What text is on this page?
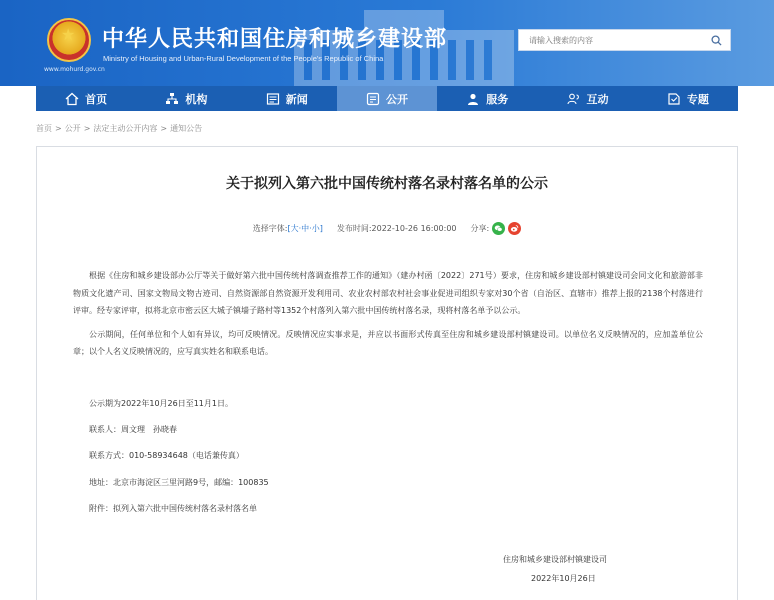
★
www.mohurd.gov.cn
中华人民共和国住房和城乡建设部
Ministry of Housing and Urban-Rural Development of the People's Republic of China
请输入搜索的内容
首页	机构	新闻	公开	服务	互动	专题
首页 > 公开 > 法定主动公开内容 > 通知公告
关于拟列入第六批中国传统村落名录村落名单的公示
选择字体: [大·中·小] 发布时间: 2022-10-26 16:00:00 分享:

根据《住房和城乡建设部办公厅等关于做好第六批中国传统村落调查推荐工作的通知》（建办村函〔2022〕271号）要求，住房和城乡建设部村镇建设司会同文化和旅游部非物质文化遗产司、国家文物局文物古迹司、自然资源部自然资源开发利用司、农业农村部农村社会事业促进司组织专家对30个省（自治区、直辖市）推荐上报的2138个村落进行评审。经专家评审，拟将北京市密云区大城子镇墙子路村等1352个村落列入第六批中国传统村落名录，现将村落名单予以公示。

公示期间，任何单位和个人如有异议，均可反映情况。反映情况应实事求是，并应以书面形式传真至住房和城乡建设部村镇建设司。以单位名义反映情况的，应加盖单位公章；以个人名义反映情况的，应写真实姓名和联系电话。

公示期为2022年10月26日至11月1日。
联系人：周文理　孙晓春
联系方式：010-58934648（电话兼传真）
地址：北京市海淀区三里河路9号，邮编：100835
附件：拟列入第六批中国传统村落名录村落名单
住房和城乡建设部村镇建设司
2022年10月26日
